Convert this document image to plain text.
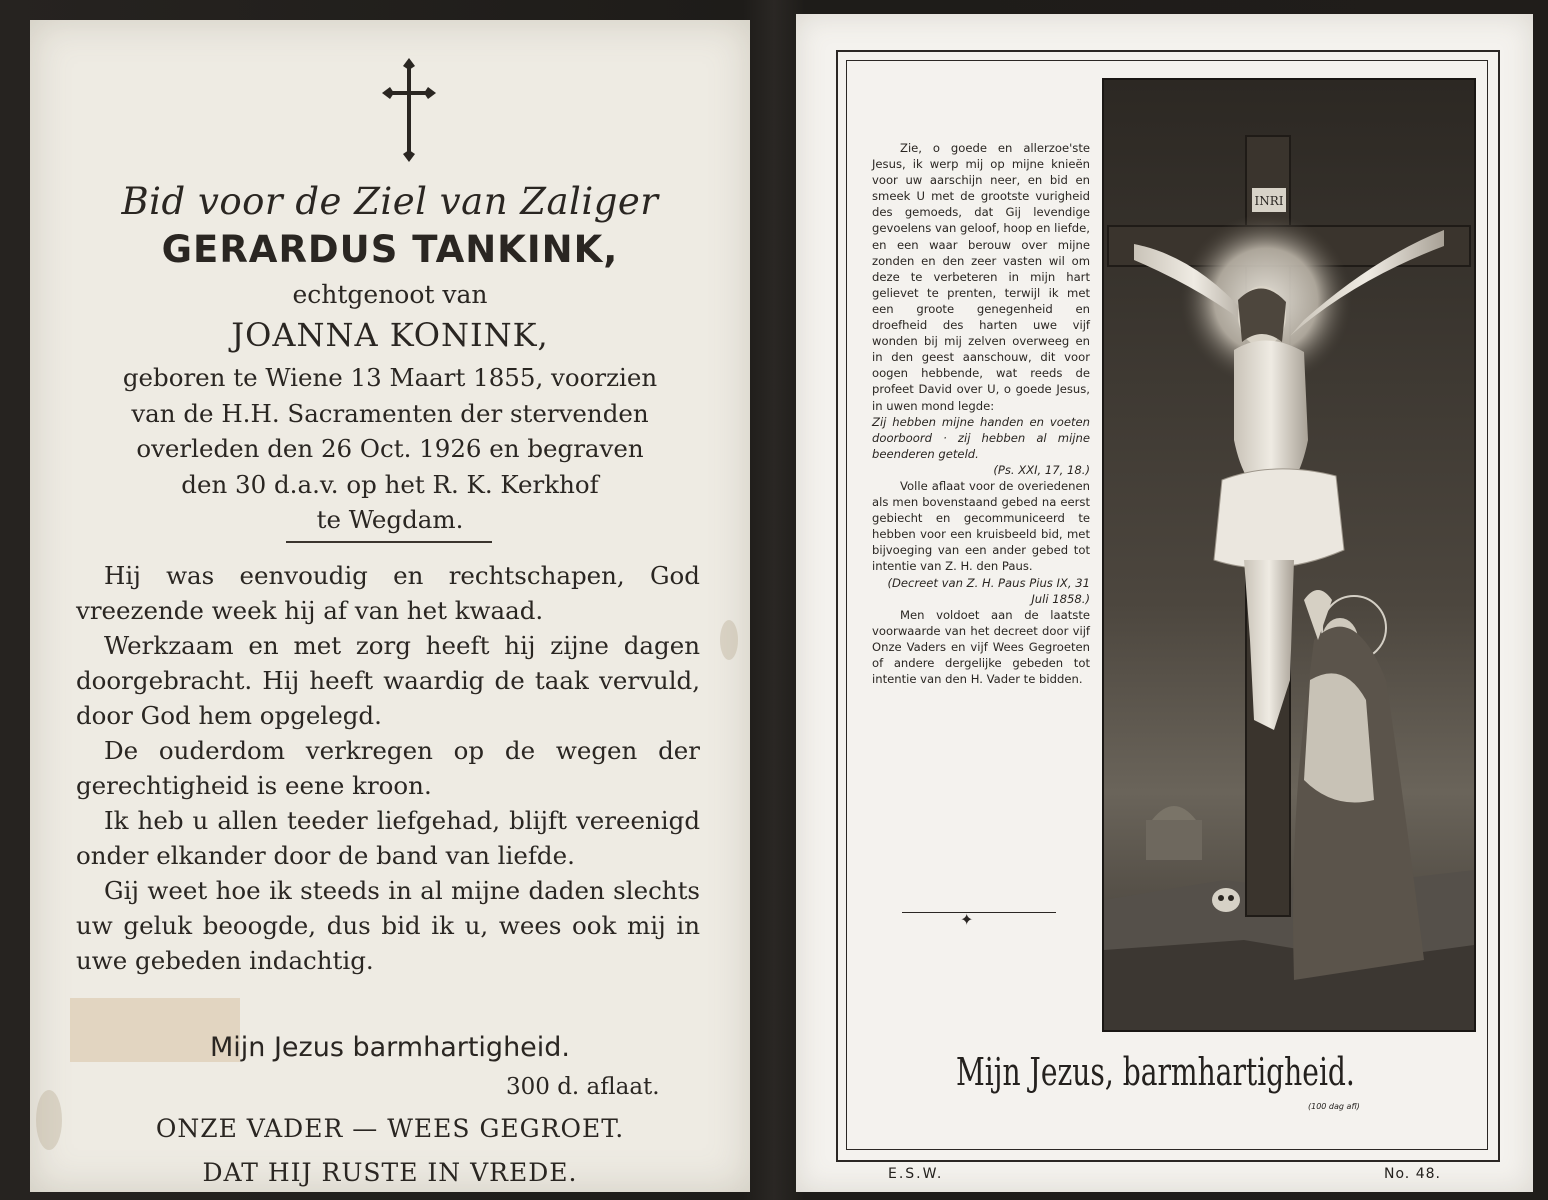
Bid voor de Ziel van Zaliger
GERARDUS TANKINK,
echtgenoot van
JOANNA KONINK,
geboren te Wiene 13 Maart 1855, voorzien
van de H.H. Sacramenten der stervenden
overleden den 26 Oct. 1926 en begraven
den 30 d.a.v. op het R. K. Kerkhof
te Wegdam.

Hij was eenvoudig en rechtschapen, God vreezende week hij af van het kwaad.

Werkzaam en met zorg heeft hij zijne dagen doorgebracht. Hij heeft waardig de taak vervuld, door God hem opgelegd.

De ouderdom verkregen op de wegen der gerechtigheid is eene kroon.

Ik heb u allen teeder liefgehad, blijft vereenigd onder elkander door de band van liefde.

Gij weet hoe ik steeds in al mijne daden slechts uw geluk beoogde, dus bid ik u, wees ook mij in uwe gebeden indachtig.

Mijn Jezus barmhartigheid.
300 d. aflaat.
ONZE VADER — WEES GEGROET.
DAT HIJ RUSTE IN VREDE.

Zie, o goede en allerzoe'ste Jesus, ik werp mij op mijne knieën voor uw aarschijn neer, en bid en smeek U met de grootste vurigheid des gemoeds, dat Gij levendige gevoelens van geloof, hoop en liefde, en een waar berouw over mijne zonden en den zeer vasten wil om deze te verbeteren in mijn hart gelievet te prenten, terwijl ik met een groote genegenheid en droefheid des harten uwe vijf wonden bij mij zelven overweeg en in den geest aanschouw, dit voor oogen hebbende, wat reeds de profeet David over U, o goede Jesus, in uwen mond legde:

Zij hebben mijne handen en voeten doorboord · zij hebben al mijne beenderen geteld.

(Ps. XXI, 17, 18.)

Volle aflaat voor de overiedenen als men bovenstaand gebed na eerst gebiecht en gecommuniceerd te hebben voor een kruisbeeld bid, met bijvoeging van een ander gebed tot intentie van Z. H. den Paus.

(Decreet van Z. H. Paus Pius IX, 31 Juli 1858.)

Men voldoet aan de laatste voorwaarde van het decreet door vijf Onze Vaders en vijf Wees Gegroeten of andere dergelijke gebeden tot intentie van den H. Vader te bidden.

✦
INRI
Mijn Jezus, barmhartigheid.
(100 dag afl)
E.S.W.	No. 48.
